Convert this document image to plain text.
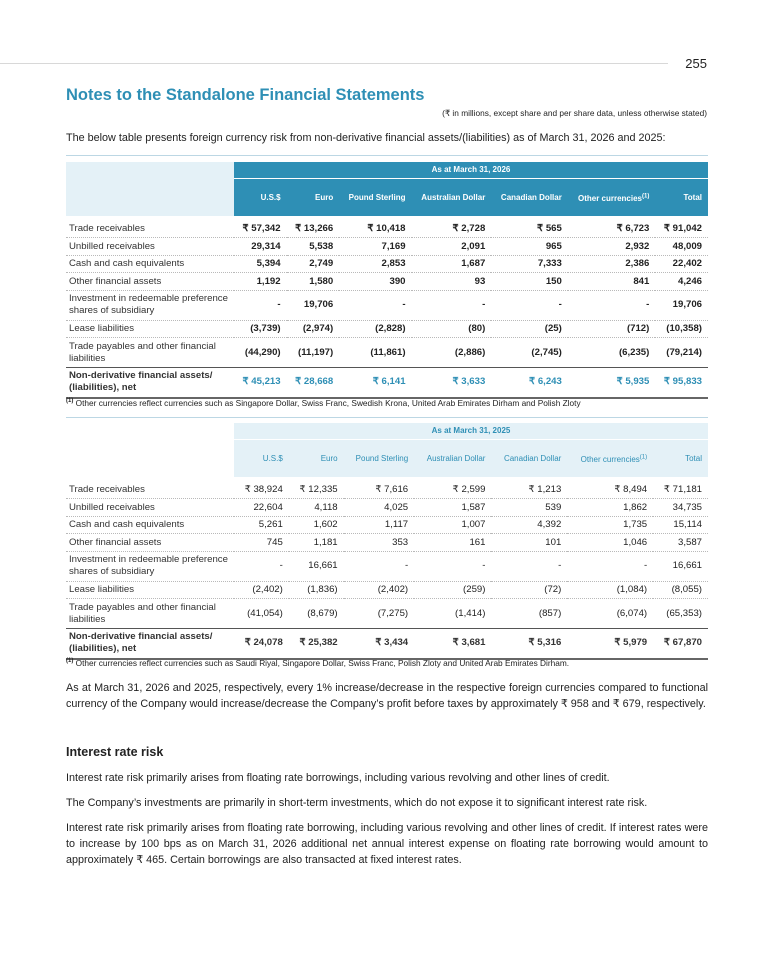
255
Notes to the Standalone Financial Statements
(₹ in millions, except share and per share data, unless otherwise stated)
The below table presents foreign currency risk from non-derivative financial assets/(liabilities) as of March 31, 2026 and 2025:
	As at March 31, 2026						
	U.S.$	Euro	Pound Sterling	Australian Dollar	Canadian Dollar	Other currencies$^{(1)}$	Total

Trade receivables	₹ 57,342	₹ 13,266	₹ 10,418	₹ 2,728	₹ 565	₹ 6,723	₹ 91,042
Unbilled receivables	29,314	5,538	7,169	2,091	965	2,932	48,009
Cash and cash equivalents	5,394	2,749	2,853	1,687	7,333	2,386	22,402
Other financial assets	1,192	1,580	390	93	150	841	4,246
Investment in redeemable preference shares of subsidiary	-	19,706	-	-	-	-	19,706
Lease liabilities	(3,739)	(2,974)	(2,828)	(80)	(25)	(712)	(10,358)
Trade payables and other financial liabilities	(44,290)	(11,197)	(11,861)	(2,886)	(2,745)	(6,235)	(79,214)
Non-derivative financial assets/ (liabilities), net	₹ 45,213	₹ 28,668	₹ 6,141	₹ 3,633	₹ 6,243	₹ 5,935	₹ 95,833
$^{(1)}$ Other currencies reflect currencies such as Singapore Dollar, Swiss Franc, Swedish Krona, United Arab Emirates Dirham and Polish Zloty
	As at March 31, 2025						
	U.S.$	Euro	Pound Sterling	Australian Dollar	Canadian Dollar	Other currencies$^{(1)}$	Total

Trade receivables	₹ 38,924	₹ 12,335	₹ 7,616	₹ 2,599	₹ 1,213	₹ 8,494	₹ 71,181
Unbilled receivables	22,604	4,118	4,025	1,587	539	1,862	34,735
Cash and cash equivalents	5,261	1,602	1,117	1,007	4,392	1,735	15,114
Other financial assets	745	1,181	353	161	101	1,046	3,587
Investment in redeemable preference shares of subsidiary	-	16,661	-	-	-	-	16,661
Lease liabilities	(2,402)	(1,836)	(2,402)	(259)	(72)	(1,084)	(8,055)
Trade payables and other financial liabilities	(41,054)	(8,679)	(7,275)	(1,414)	(857)	(6,074)	(65,353)
Non-derivative financial assets/ (liabilities), net	₹ 24,078	₹ 25,382	₹ 3,434	₹ 3,681	₹ 5,316	₹ 5,979	₹ 67,870
$^{(1)}$ Other currencies reflect currencies such as Saudi Riyal, Singapore Dollar, Swiss Franc, Polish Zloty and United Arab Emirates Dirham.
As at March 31, 2026 and 2025, respectively, every 1% increase/decrease in the respective foreign currencies compared to functional currency of the Company would increase/decrease the Company’s profit before taxes by approximately ₹ 958 and ₹ 679, respectively.
Interest rate risk
Interest rate risk primarily arises from floating rate borrowings, including various revolving and other lines of credit.
The Company’s investments are primarily in short-term investments, which do not expose it to significant interest rate risk.
Interest rate risk primarily arises from floating rate borrowing, including various revolving and other lines of credit. If interest rates were to increase by 100 bps as on March 31, 2026 additional net annual interest expense on floating rate borrowing would amount to approximately ₹ 465. Certain borrowings are also transacted at fixed interest rates.
